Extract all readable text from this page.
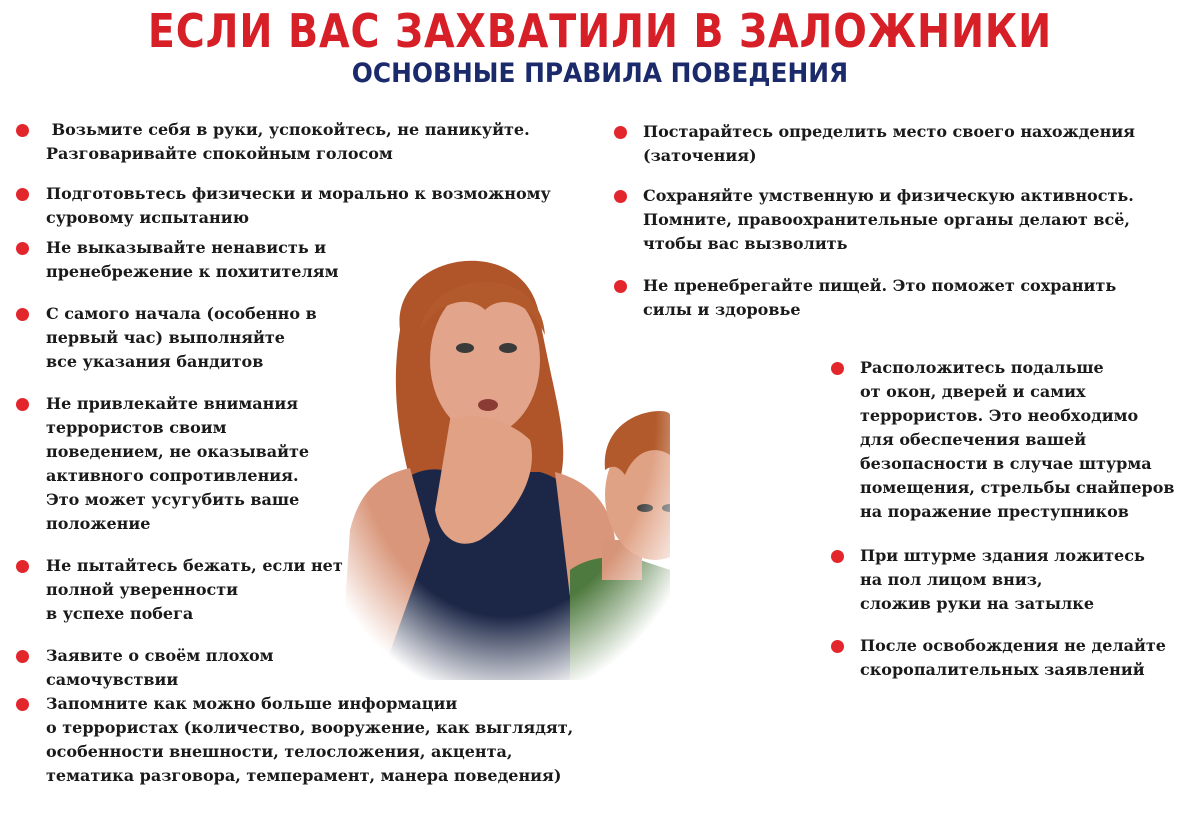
ЕСЛИ ВАС ЗАХВАТИЛИ В ЗАЛОЖНИКИ
ОСНОВНЫЕ ПРАВИЛА ПОВЕДЕНИЯ
Возьмите себя в руки, успокойтесь, не паникуйте.
Разговаривайте спокойным голосом
Подготовьтесь физически и морально к возможному
суровому испытанию
Не выказывайте ненависть и
пренебрежение к похитителям
С самого начала (особенно в
первый час) выполняйте
все указания бандитов
Не привлекайте внимания
террористов своим
поведением, не оказывайте
активного сопротивления.
Это может усугубить ваше
положение
Не пытайтесь бежать, если нет
полной уверенности
в успехе побега
Заявите о своём плохом
самочувствии
Запомните как можно больше информации
о террористах (количество, вооружение, как выглядят,
особенности внешности, телосложения, акцента,
тематика разговора, темперамент, манера поведения)
Постарайтесь определить место своего нахождения
(заточения)
Сохраняйте умственную и физическую активность.
Помните, правоохранительные органы делают всё,
чтобы вас вызволить
Не пренебрегайте пищей. Это поможет сохранить
силы и здоровье
Расположитесь подальше
от окон, дверей и самих
террористов. Это необходимо
для обеспечения вашей
безопасности в случае штурма
помещения, стрельбы снайперов
на поражение преступников
При штурме здания ложитесь
на пол лицом вниз,
сложив руки на затылке
После освобождения не делайте
скоропалительных заявлений
